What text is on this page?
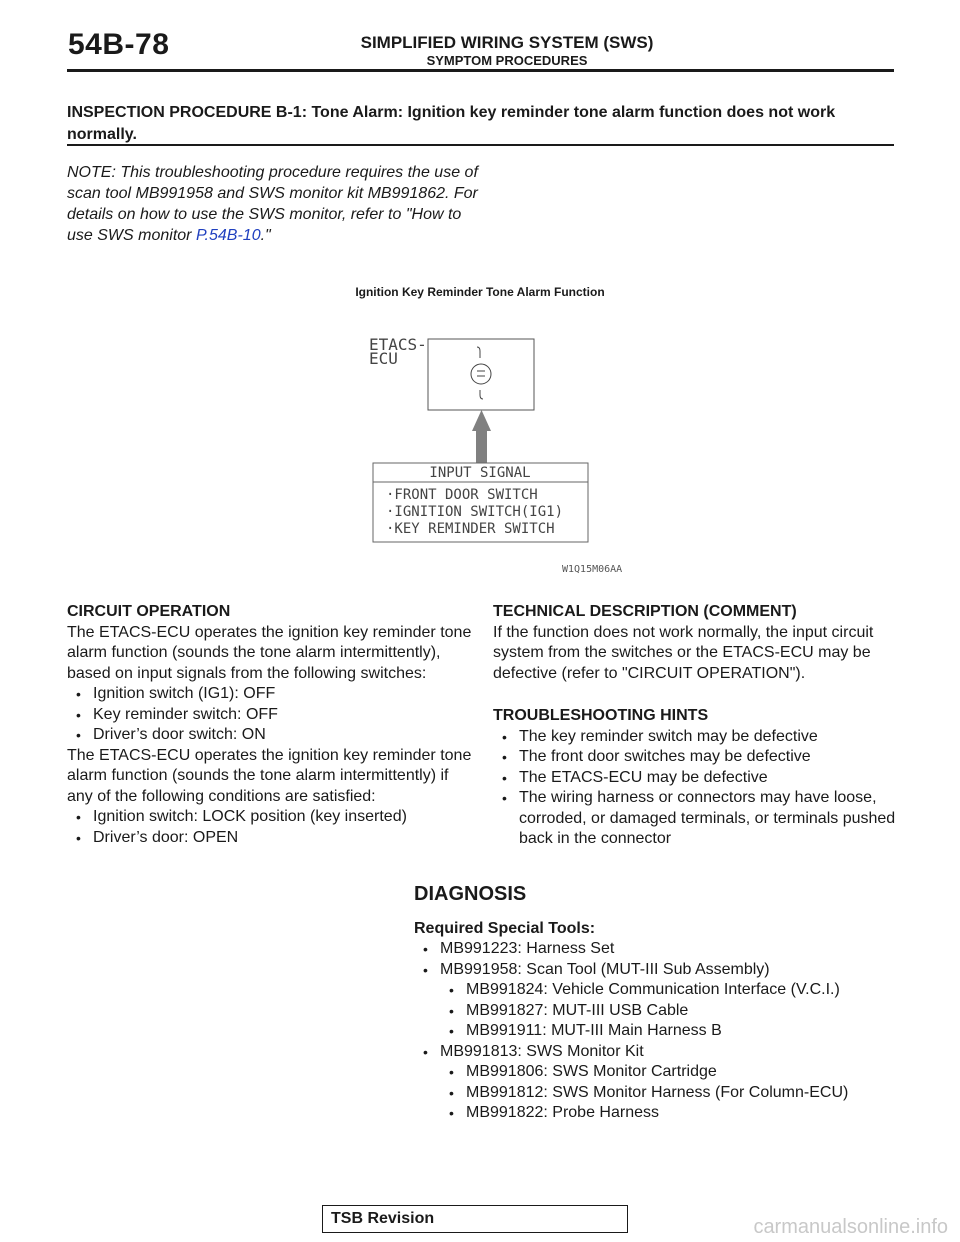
54B-78	SIMPLIFIED WIRING SYSTEM (SWS)
SYMPTOM PROCEDURES
INSPECTION PROCEDURE B-1: Tone Alarm: Ignition key reminder tone alarm function does not work normally.
NOTE: This troubleshooting procedure requires the use of scan tool MB991958 and SWS monitor kit MB991862. For details on how to use the SWS monitor, refer to "How to use SWS monitor P.54B-10."
Ignition Key Reminder Tone Alarm Function
ETACS-
ECU
INPUT SIGNAL
·FRONT DOOR SWITCH
·IGNITION SWITCH(IG1)
·KEY REMINDER SWITCH
W1Q15M06AA
CIRCUIT OPERATION
The ETACS-ECU operates the ignition key reminder tone alarm function (sounds the tone alarm intermittently), based on input signals from the following switches:
• Ignition switch (IG1): OFF
• Key reminder switch: OFF
• Driver’s door switch: ON
The ETACS-ECU operates the ignition key reminder tone alarm function (sounds the tone alarm intermittently) if any of the following conditions are satisfied:
• Ignition switch: LOCK position (key inserted)
• Driver’s door: OPEN
TECHNICAL DESCRIPTION (COMMENT)
If the function does not work normally, the input circuit system from the switches or the ETACS-ECU may be defective (refer to "CIRCUIT OPERATION").
TROUBLESHOOTING HINTS
• The key reminder switch may be defective
• The front door switches may be defective
• The ETACS-ECU may be defective
• The wiring harness or connectors may have loose, corroded, or damaged terminals, or terminals pushed back in the connector
DIAGNOSIS
Required Special Tools:
• MB991223: Harness Set
• MB991958: Scan Tool (MUT-III Sub Assembly)
• MB991824: Vehicle Communication Interface (V.C.I.)
• MB991827: MUT-III USB Cable
• MB991911: MUT-III Main Harness B
• MB991813: SWS Monitor Kit
• MB991806: SWS Monitor Cartridge
• MB991812: SWS Monitor Harness (For Column-ECU)
• MB991822: Probe Harness
TSB Revision	carmanualsonline.info
